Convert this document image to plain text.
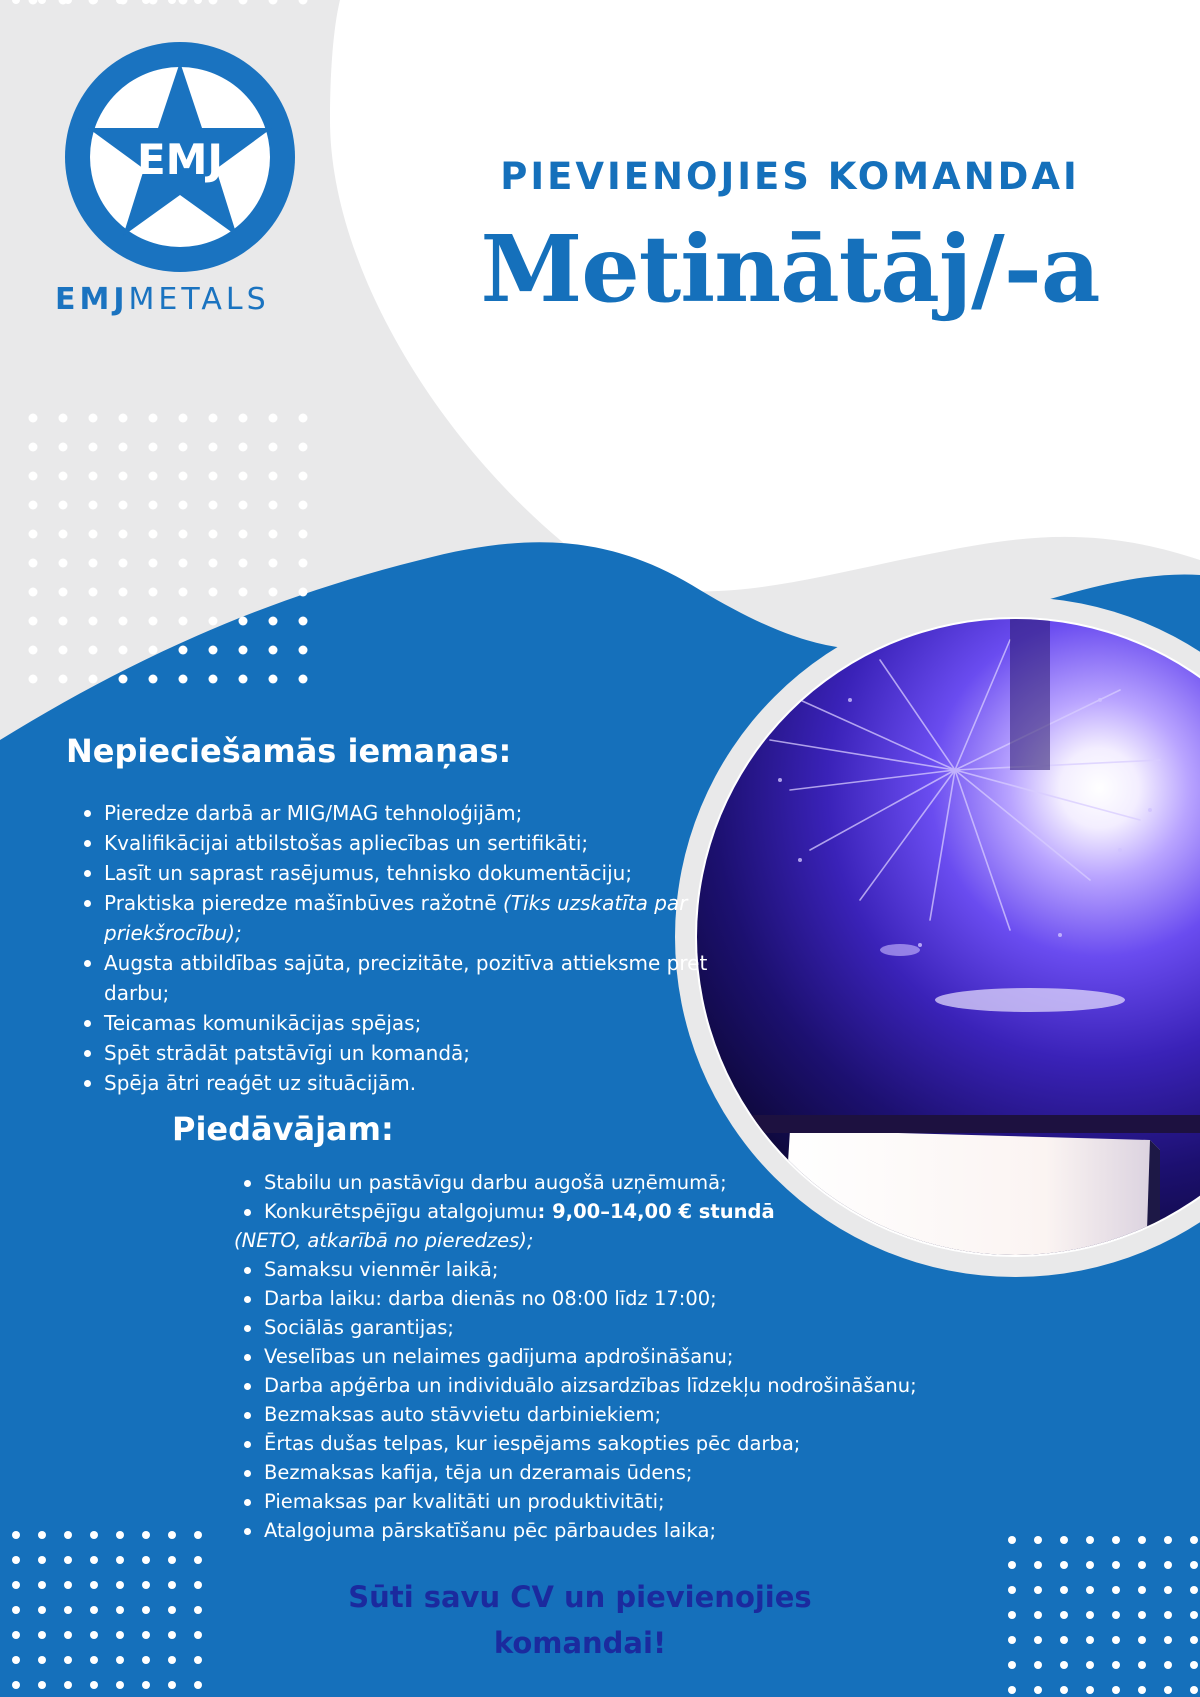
EMJ
EMJMETALS
PIEVIENOJIES KOMANDAI
Metinātāj/-a
Nepieciešamās iemaņas:
Pieredze darbā ar MIG/MAG tehnoloģijām;
Kvalifikācijai atbilstošas apliecības un sertifikāti;
Lasīt un saprast rasējumus, tehnisko dokumentāciju;
Praktiska pieredze mašīnbūves ražotnē (Tiks uzskatīta par priekšrocību);
Augsta atbildības sajūta, precizitāte, pozitīva attieksme pret darbu;
Teicamas komunikācijas spējas;
Spēt strādāt patstāvīgi un komandā;
Spēja ātri reaģēt uz situācijām.
Piedāvājam:
Stabilu un pastāvīgu darbu augošā uzņēmumā;
Konkurētspējīgu atalgojumu: 9,00–14,00 € stundā
(NETO, atkarībā no pieredzes);
Samaksu vienmēr laikā;
Darba laiku: darba dienās no 08:00 līdz 17:00;
Sociālās garantijas;
Veselības un nelaimes gadījuma apdrošināšanu;
Darba apģērba un individuālo aizsardzības līdzekļu nodrošināšanu;
Bezmaksas auto stāvvietu darbiniekiem;
Ērtas dušas telpas, kur iespējams sakopties pēc darba;
Bezmaksas kafija, tēja un dzeramais ūdens;
Piemaksas par kvalitāti un produktivitāti;
Atalgojuma pārskatīšanu pēc pārbaudes laika;
Sūti savu CV un pievienojies
komandai!
